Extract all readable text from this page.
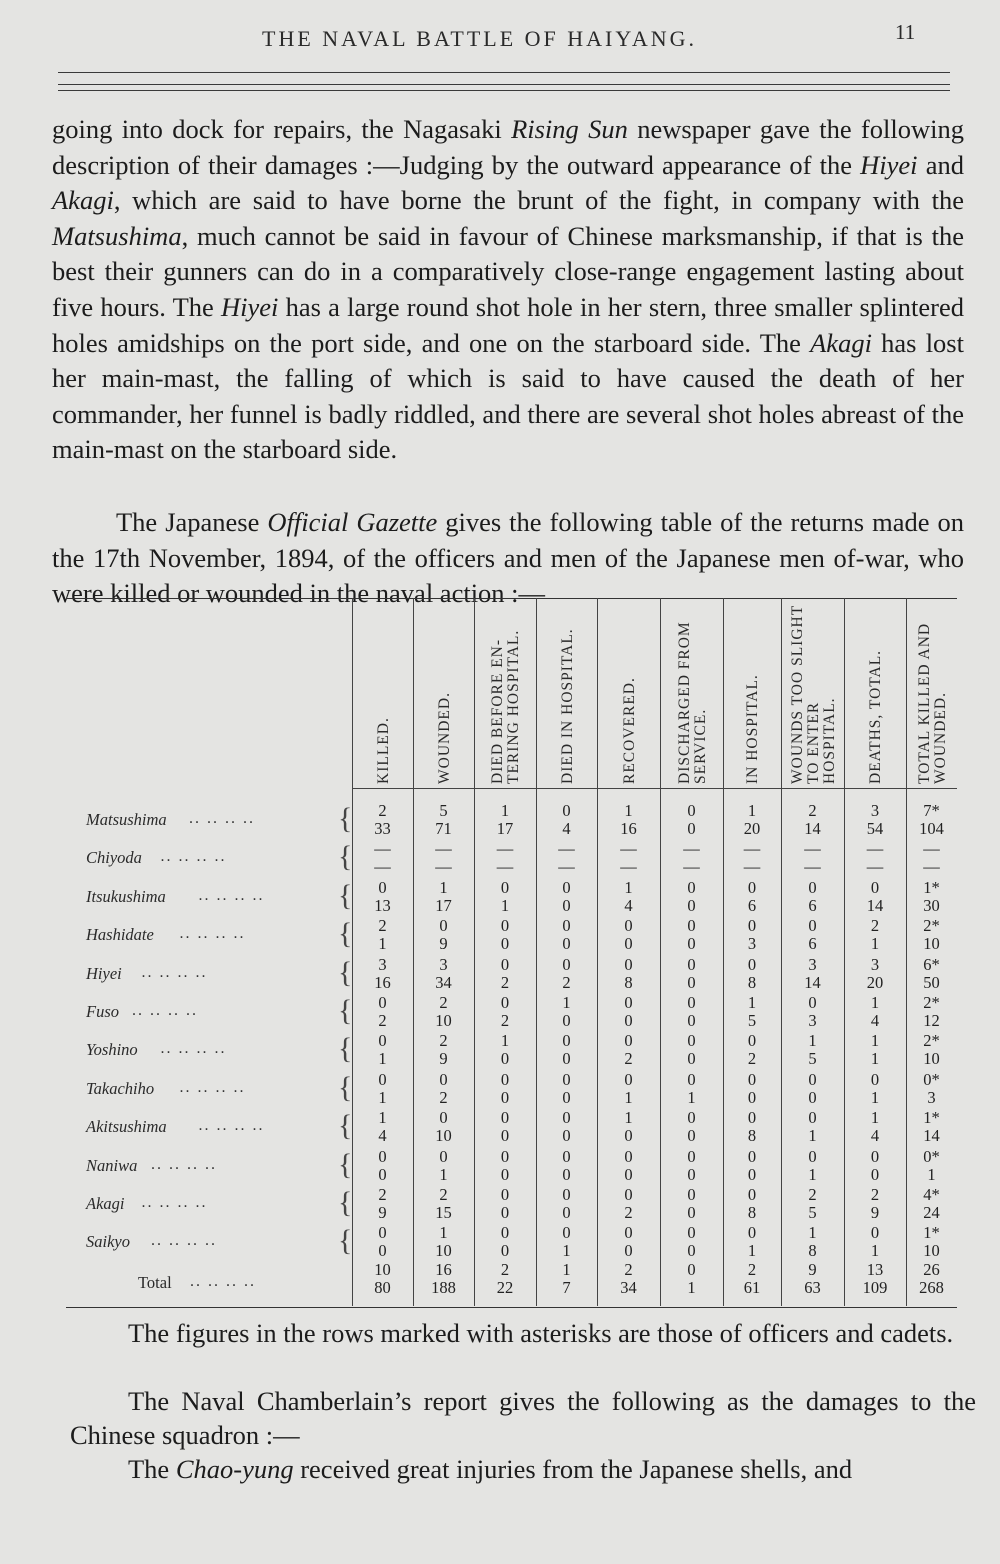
THE NAVAL BATTLE OF HAIYANG.	11
going into dock for repairs, the Nagasaki Rising Sun newspaper gave the following description of their damages :—Judging by the outward appearance of the Hiyei and Akagi, which are said to have borne the brunt of the fight, in company with the Matsushima, much cannot be said in favour of Chinese marksmanship, if that is the best their gunners can do in a comparatively close-range engagement lasting about five hours. The Hiyei has a large round shot hole in her stern, three smaller splintered holes amidships on the port side, and one on the starboard side. The Akagi has lost her main-mast, the falling of which is said to have caused the death of her commander, her funnel is badly riddled, and there are several shot holes abreast of the main-mast on the starboard side.
The Japanese Official Gazette gives the following table of the returns made on the 17th November, 1894, of the officers and men of the Japanese men of-war, who were killed or wounded in the naval action :—
KILLED.	WOUNDED.	DIED BEFORE EN- TERING HOSPITAL.	DIED IN HOSPITAL.	RECOVERED.	DISCHARGED FROM SERVICE.	IN HOSPITAL.	WOUNDS TOO SLIGHT TO ENTER HOSPITAL.	DEATHS, TOTAL.	TOTAL KILLED AND WOUNDED.
Matsushima .. .. .. ..	{	2	5	1	0	1	0	1	2	3	7*
33	71	17	4	16	0	20	14	54	104
Chiyoda .. .. .. ..	{	—	—	—	—	—	—	—	—	—	—
—	—	—	—	—	—	—	—	—	—
Itsukushima .. .. .. .. {	0	1	0	0	1	0	0	0	0	1*
13	17	1	0	4	0	6	6	14	30
Hashidate .. .. .. ..	{	2	0	0	0	0	0	0	0	2	2*
1	9	0	0	0	0	3	6	1	10
Hiyei .. .. .. ..	{	3	3	0	0	0	0	0	3	3	6*
16	34	2	2	8	0	8	14	20	50
Fuso .. .. .. ..	{	0	2	0	1	0	0	1	0	1	2*
2	10	2	0	0	0	5	3	4	12
Yoshino .. .. .. ..	{	0	2	1	0	0	0	0	1	1	2*
1	9	0	0	2	0	2	5	1	10
Takachiho .. .. .. ..	{	0	0	0	0	0	0	0	0	0	0*
1	2	0	0	1	1	0	0	1	3
Akitsushima .. .. .. .. {	1	0	0	0	1	0	0	0	1	1*
4	10	0	0	0	0	8	1	4	14
Naniwa .. .. .. ..	{	0	0	0	0	0	0	0	0	0	0*
0	1	0	0	0	0	0	1	0	1
Akagi .. .. .. ..	{	2	2	0	0	0	0	0	2	2	4*
9	15	0	0	2	0	8	5	9	24
Saikyo .. .. .. ..	{	0	1	0	0	0	0	0	1	0	1*
0	10	0	1	0	0	1	8	1	10
Total .. .. .. ..
10	16	2	1	2	0	2	9	13	26
80	188	22	7	34	1	61	63	109	268
The figures in the rows marked with asterisks are those of officers and cadets.
The Naval Chamberlain’s report gives the following as the damages to the Chinese squadron :—
The Chao-yung received great injuries from the Japanese shells, and
